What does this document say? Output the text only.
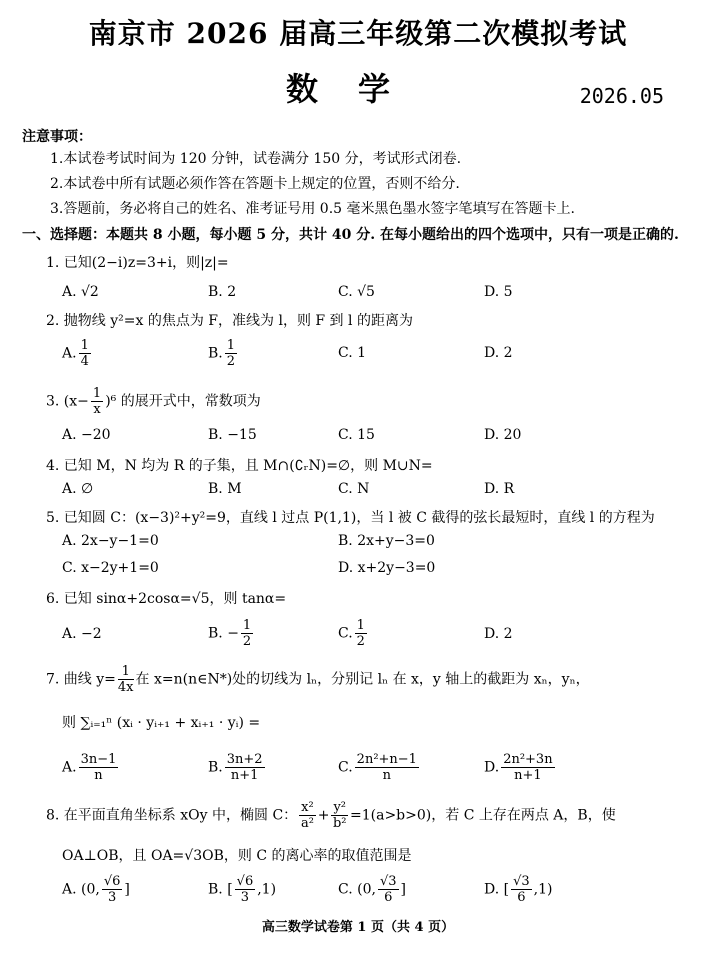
南京市 2026 届高三年级第二次模拟考试
数学	2026.05
注意事项：
1.本试卷考试时间为 120 分钟，试卷满分 150 分，考试形式闭卷.
2.本试卷中所有试题必须作答在答题卡上规定的位置，否则不给分.
3.答题前，务必将自己的姓名、准考证号用 0.5 毫米黑色墨水签字笔填写在答题卡上.
一、选择题：本题共 8 小题，每小题 5 分，共计 40 分. 在每小题给出的四个选项中，只有一项是正确的.
1. 已知(2−i)z=3+i，则|z|=
A. √2	B. 2	C. √5	D. 5
2. 抛物线 y²=x 的焦点为 F，准线为 l，则 F 到 l 的距离为
A. $\frac{1}{4}$	B. $\frac{1}{2}$	C. 1	D. 2
3. $(x- \frac{1}{x} )^6$ 的展开式中，常数项为
A. −20	B. −15	C. 15	D. 20
4. 已知 M，N 均为 R 的子集，且 M∩(∁ᵣN)=∅，则 M∪N=
A. ∅	B. M	C. N	D. R
5. 已知圆 C：(x−3)²+y²=9，直线 l 过点 P(1,1)，当 l 被 C 截得的弦长最短时，直线 l 的方程为
A. 2x−y−1=0	B. 2x+y−3=0
C. x−2y+1=0	D. x+2y−3=0
6. 已知 sinα+2cosα=√5，则 tanα=
A. −2	B. − $\frac{1}{2}$	C. $\frac{1}{2}$	D. 2
7. 曲线 $y= \frac{1}{4x}$ 在 x=n(n∈N*)处的切线为 lₙ，分别记 lₙ 在 x，y 轴上的截距为 xₙ，yₙ，
则 ∑ᵢ₌₁ⁿ (xᵢ · yᵢ₊₁ + xᵢ₊₁ · yᵢ) =
A. $\frac{3n-1}{n}$	B. $\frac{3n+2}{n+1}$	C. $\frac{\text{2n²+n−1}}{n}$	D. $\frac{\text{2n²+3n}}{n+1}$
8. 在平面直角坐标系 xOy 中，椭圆 C： $\frac{\text{x²}}{\text{a²}} + \frac{\text{y²}}{\text{b²}} =1(a>b>0)$，若 C 上存在两点 A，B，使
OA⊥OB，且 OA=√3OB，则 C 的离心率的取值范围是
A. (0, $\frac{√6}{3}$ ]	B. [ $\frac{√6}{3} ,1$)	C. (0, $\frac{√3}{6}$ ]	D. [ $\frac{√3}{6} ,1$)
高三数学试卷第 1 页（共 4 页）
